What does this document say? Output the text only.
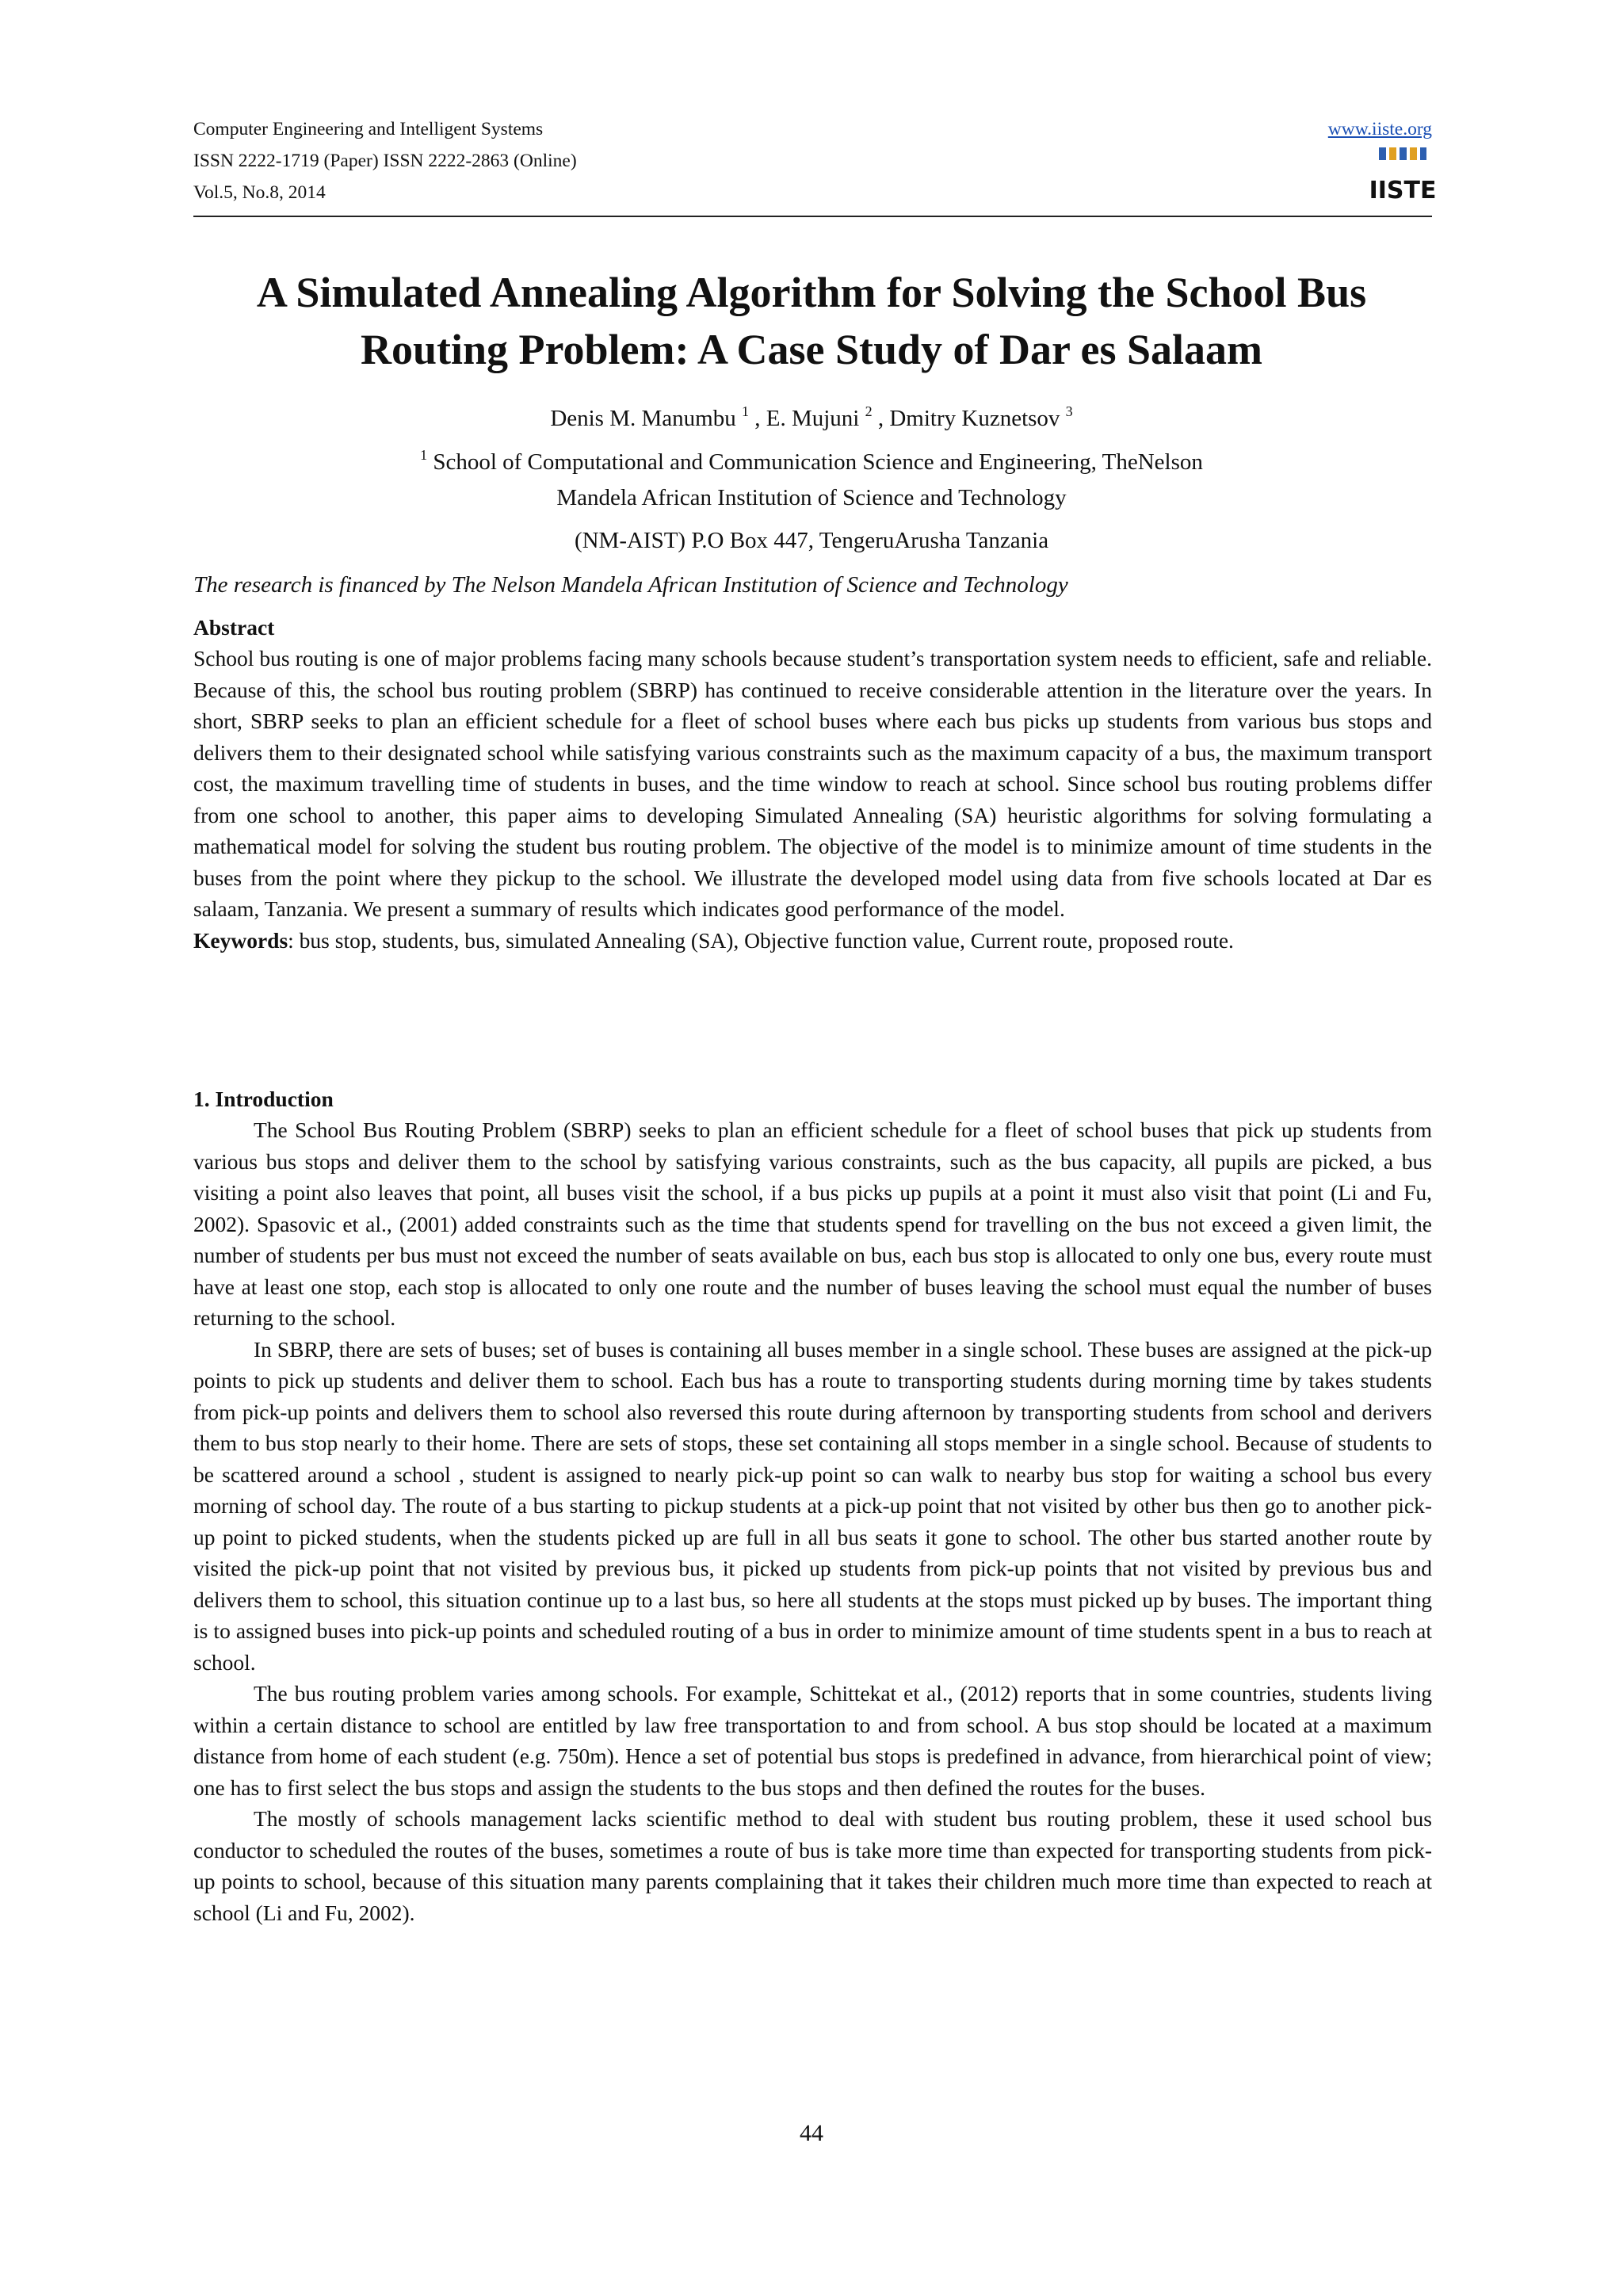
Computer Engineering and Intelligent Systems
ISSN 2222-1719 (Paper) ISSN 2222-2863 (Online)
Vol.5, No.8, 2014
www.iiste.org
IISTE
A Simulated Annealing Algorithm for Solving the School Bus
Routing Problem: A Case Study of Dar es Salaam
Denis M. Manumbu $^1$ , E. Mujuni $^2$ , Dmitry Kuznetsov $^3$
$^1$ School of Computational and Communication Science and Engineering, TheNelson
Mandela African Institution of Science and Technology
(NM-AIST) P.O Box 447, TengeruArusha Tanzania
The research is financed by The Nelson Mandela African Institution of Science and Technology
Abstract

School bus routing is one of major problems facing many schools because student’s transportation system needs to efficient, safe and reliable. Because of this, the school bus routing problem (SBRP) has continued to receive considerable attention in the literature over the years. In short, SBRP seeks to plan an efficient schedule for a fleet of school buses where each bus picks up students from various bus stops and delivers them to their designated school while satisfying various constraints such as the maximum capacity of a bus, the maximum transport cost, the maximum travelling time of students in buses, and the time window to reach at school. Since school bus routing problems differ from one school to another, this paper aims to developing Simulated Annealing (SA) heuristic algorithms for solving formulating a mathematical model for solving the student bus routing problem. The objective of the model is to minimize amount of time students in the buses from the point where they pickup to the school. We illustrate the developed model using data from five schools located at Dar es salaam, Tanzania. We present a summary of results which indicates good performance of the model.

Keywords: bus stop, students, bus, simulated Annealing (SA), Objective function value, Current route, proposed route.

1. Introduction

The School Bus Routing Problem (SBRP) seeks to plan an efficient schedule for a fleet of school buses that pick up students from various bus stops and deliver them to the school by satisfying various constraints, such as the bus capacity, all pupils are picked, a bus visiting a point also leaves that point, all buses visit the school, if a bus picks up pupils at a point it must also visit that point (Li and Fu, 2002). Spasovic et al., (2001) added constraints such as the time that students spend for travelling on the bus not exceed a given limit, the number of students per bus must not exceed the number of seats available on bus, each bus stop is allocated to only one bus, every route must have at least one stop, each stop is allocated to only one route and the number of buses leaving the school must equal the number of buses returning to the school.

In SBRP, there are sets of buses; set of buses is containing all buses member in a single school. These buses are assigned at the pick-up points to pick up students and deliver them to school. Each bus has a route to transporting students during morning time by takes students from pick-up points and delivers them to school also reversed this route during afternoon by transporting students from school and derivers them to bus stop nearly to their home. There are sets of stops, these set containing all stops member in a single school. Because of students to be scattered around a school , student is assigned to nearly pick-up point so can walk to nearby bus stop for waiting a school bus every morning of school day. The route of a bus starting to pickup students at a pick-up point that not visited by other bus then go to another pick-up point to picked students, when the students picked up are full in all bus seats it gone to school. The other bus started another route by visited the pick-up point that not visited by previous bus, it picked up students from pick-up points that not visited by previous bus and delivers them to school, this situation continue up to a last bus, so here all students at the stops must picked up by buses. The important thing is to assigned buses into pick-up points and scheduled routing of a bus in order to minimize amount of time students spent in a bus to reach at school.

The bus routing problem varies among schools. For example, Schittekat et al., (2012) reports that in some countries, students living within a certain distance to school are entitled by law free transportation to and from school. A bus stop should be located at a maximum distance from home of each student (e.g. 750m). Hence a set of potential bus stops is predefined in advance, from hierarchical point of view; one has to first select the bus stops and assign the students to the bus stops and then defined the routes for the buses.

The mostly of schools management lacks scientific method to deal with student bus routing problem, these it used school bus conductor to scheduled the routes of the buses, sometimes a route of bus is take more time than expected for transporting students from pick-up points to school, because of this situation many parents complaining that it takes their children much more time than expected to reach at school (Li and Fu, 2002).

44
